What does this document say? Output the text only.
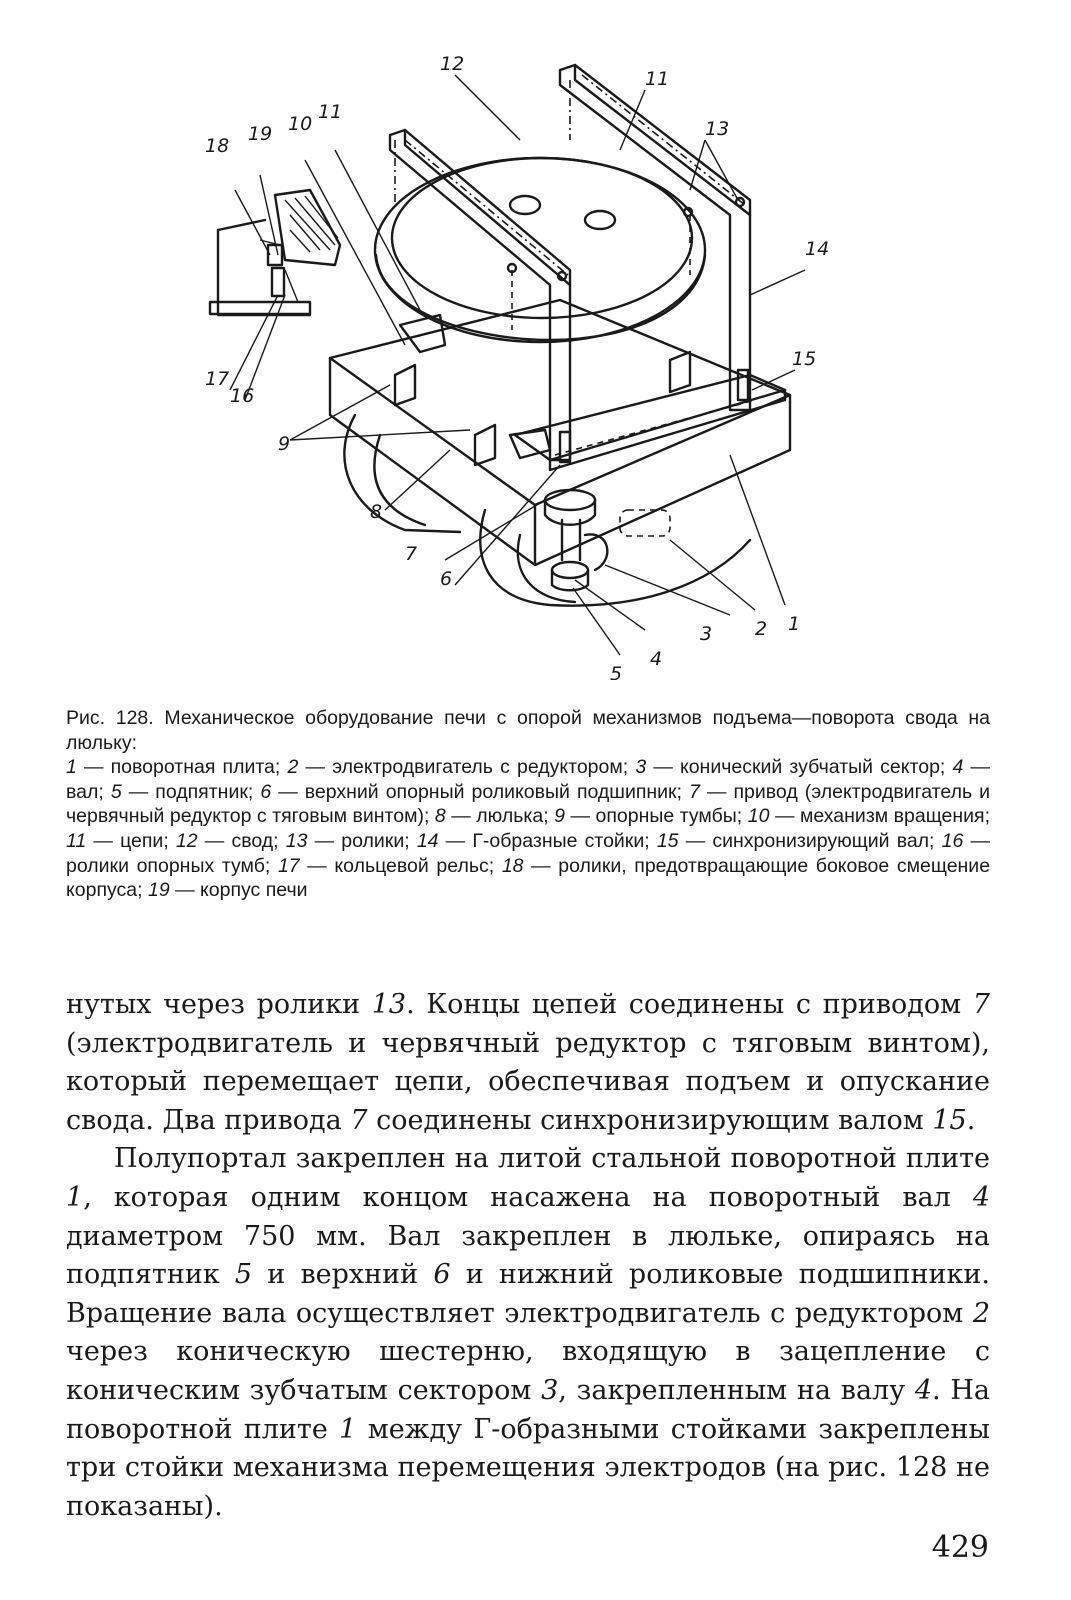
12
11
13
14
15
1
2
3
4
5
6
7
8
9
10
11
16
17
18
19
Рис. 128. Механическое оборудование печи с опорой механизмов подъема—поворота свода на люльку:
1 — поворотная плита; 2 — электродвигатель с редуктором; 3 — конический зубчатый сектор; 4 — вал; 5 — подпятник; 6 — верхний опорный роликовый подшипник; 7 — привод (электродвигатель и червячный редуктор с тяговым винтом); 8 — люлька; 9 — опорные тумбы; 10 — механизм вращения; 11 — цепи; 12 — свод; 13 — ролики; 14 — Г-образные стойки; 15 — синхронизирующий вал; 16 — ролики опорных тумб; 17 — кольцевой рельс; 18 — ролики, предотвращающие боковое смещение корпуса; 19 — корпус печи

нутых через ролики 13. Концы цепей соединены с приводом 7 (электродвигатель и червячный редуктор с тяговым винтом), который перемещает цепи, обеспечивая подъем и опускание свода. Два привода 7 соединены синхронизирующим валом 15.

Полупортал закреплен на литой стальной поворотной плите 1, которая одним концом насажена на поворотный вал 4 диаметром 750 мм. Вал закреплен в люльке, опираясь на подпятник 5 и верхний 6 и нижний роликовые подшипники. Вращение вала осуществляет электродвигатель с редуктором 2 через коническую шестерню, входящую в зацепление с коническим зубчатым сектором 3, закрепленным на валу 4. На поворотной плите 1 между Г-образными стойками закреплены три стойки механизма перемещения электродов (на рис. 128 не показаны).

429
